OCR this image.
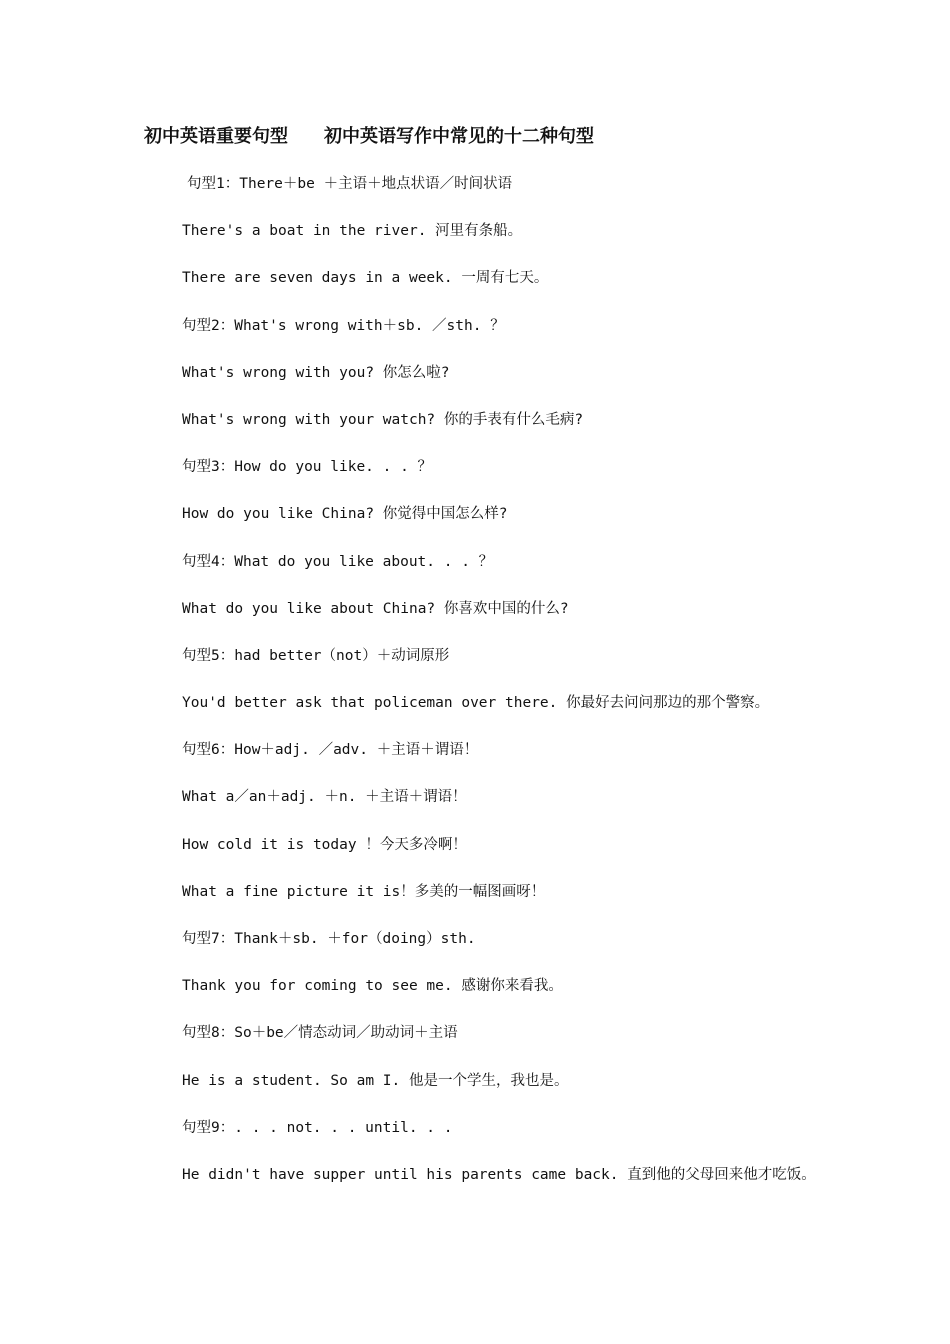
初中英语重要句型　　初中英语写作中常见的十二种句型
句型1：There＋be ＋主语＋地点状语／时间状语
There's a boat in the river. 河里有条船。
There are seven days in a week. 一周有七天。
句型2：What's wrong with＋sb. ／sth. ？
What's wrong with you? 你怎么啦?
What's wrong with your watch? 你的手表有什么毛病?
句型3：How do you like. . . ？
How do you like China? 你觉得中国怎么样?
句型4：What do you like about. . . ？
What do you like about China? 你喜欢中国的什么?
句型5：had better（not）＋动词原形
You'd better ask that policeman over there. 你最好去问问那边的那个警察。
句型6：How＋adj. ／adv. ＋主语＋谓语！
What a／an＋adj. ＋n. ＋主语＋谓语！
How cold it is today ！今天多冷啊！
What a fine picture it is！多美的一幅图画呀！
句型7：Thank＋sb. ＋for（doing）sth.
Thank you for coming to see me. 感谢你来看我。
句型8：So＋be／情态动词／助动词＋主语
He is a student. So am I. 他是一个学生，我也是。
句型9：. . . not. . . until. . .
He didn't have supper until his parents came back. 直到他的父母回来他才吃饭。
